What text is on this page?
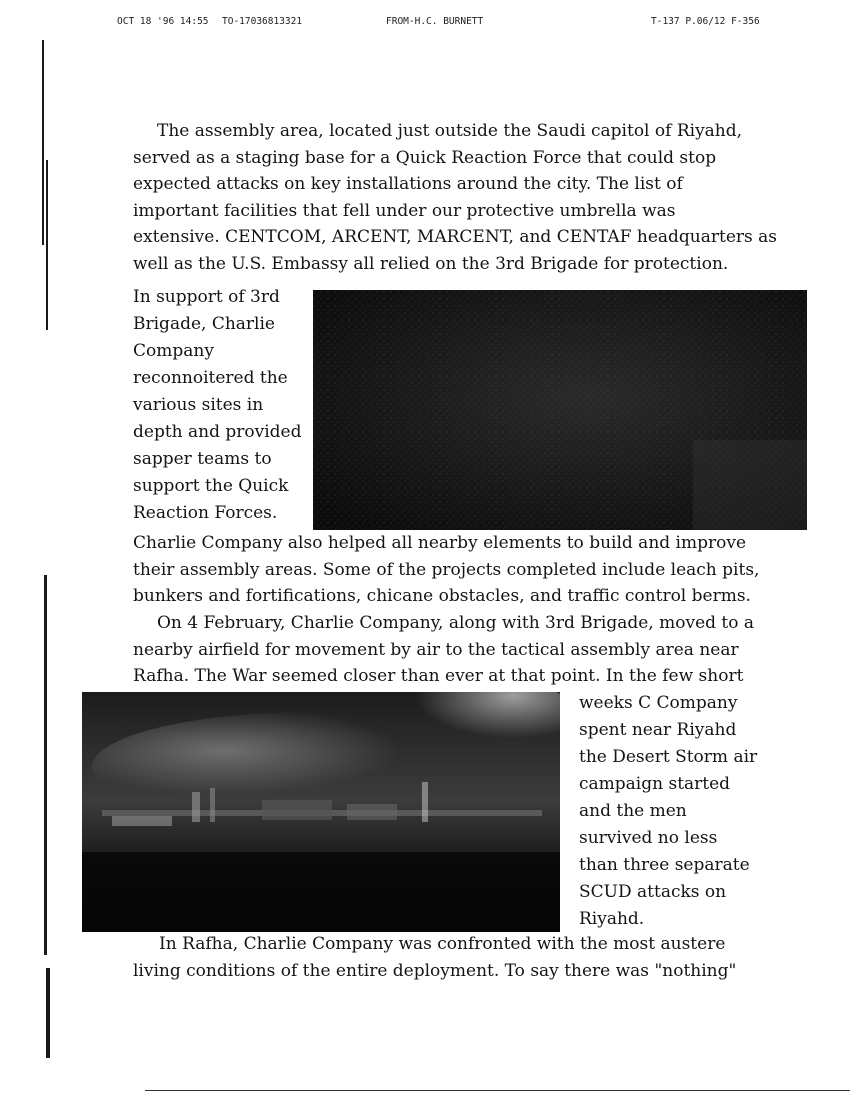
OCT 18 '96 14:55 TO-17036813321	FROM-H.C. BURNETT	T-137 P.06/12 F-356

The assembly area, located just outside the Saudi capitol of Riyahd,
served as a staging base for a Quick Reaction Force that could stop
expected attacks on key installations around the city. The list of
important facilities that fell under our protective umbrella was
extensive. CENTCOM, ARCENT, MARCENT, and CENTAF headquarters as
well as the U.S. Embassy all relied on the 3rd Brigade for protection.

In support of 3rd
Brigade, Charlie
Company
reconnoitered the
various sites in
depth and provided
sapper teams to
support the Quick
Reaction Forces.

Charlie Company also helped all nearby elements to build and improve
their assembly areas. Some of the projects completed include leach pits,
bunkers and fortifications, chicane obstacles, and traffic control berms.

On 4 February, Charlie Company, along with 3rd Brigade, moved to a
nearby airfield for movement by air to the tactical assembly area near
Rafha. The War seemed closer than ever at that point. In the few short

weeks C Company
spent near Riyahd
the Desert Storm air
campaign started
and the men
survived no less
than three separate
SCUD attacks on
Riyahd.

In Rafha, Charlie Company was confronted with the most austere
living conditions of the entire deployment. To say there was "nothing"
